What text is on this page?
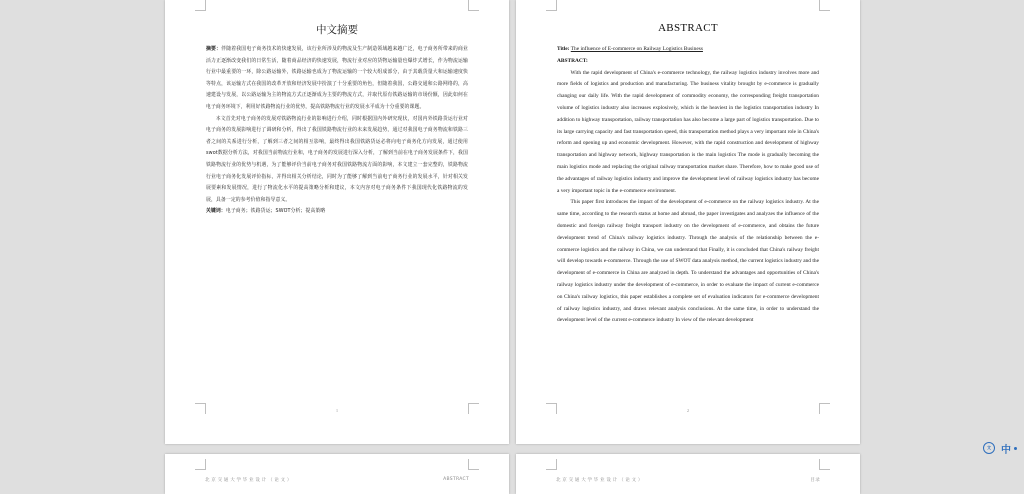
中文摘要

摘要：伴随着我国电子商务技术的快速发展，该行业所涉及的物流及生产制造领域越来越广泛，电子商务所带来的商业活力正逐渐改变我们的日常生活，随着商品经济的快速发展，物流行业对应的货物运输量也爆炸式增长，作为物流运输行业中最重要的一环，除公路运输外，铁路运输也成为了物流运输的一个较大组成部分，由于其载货量大和运输速度快等特点，该运输方式在我国的改革开放和经济发展中扮演了十分重要的角色，但随着我国，公路交通和公路网络的，高速建设与发展，以公路运输为主的物流方式正逐渐成为主要的物流方式，并取代原有铁路运输的市场份额，因此如何在电子商务环境下，利用好铁路物流行业的优势，提高铁路物流行业的发展水平成为十分重要的课题。

本文首先对电子商务的发展对铁路物流行业的影响进行介绍，同时根据国内外研究现状，对国内外铁路货运行业对电子商务的发展影响进行了调研和分析，得出了我国铁路物流行业的未来发展趋势，通过对我国电子商务物流和铁路三者之间的关系进行分析，了解到三者之间的相互影响，最终得出我国铁路货运必将向电子商务化方向发展，通过使用swot数据分析方法，对我国当前物流行业和，电子商务的发展进行深入分析，了解到当前在电子商务发展条件下，我国铁路物流行业的优势与机遇，为了能够评价当前电子商务对我国铁路物流方面的影响，本文建立一套完整的，铁路物流行业电子商务化发展评价指标，并得出相关分析结论，同时为了能够了解到当前电子商务行业的发展水平，针对相关发展要素和发展情况，进行了物流化水平的提高策略分析和建议，本文内容对电子商务条件下我国现代化铁路物流的发展，具备一定的参考价值和指导意义。

关键词：电子商务；铁路货运；SWOT分析；提高策略

1
ABSTRACT

Title: The influence of E-commerce on Railway Logistics Business

ABSTRACT:

With the rapid development of China's e-commerce technology, the railway logistics industry involves more and more fields of logistics and production and manufacturing. The business vitality brought by e-commerce is gradually changing our daily life. With the rapid development of commodity economy, the corresponding freight transportation volume of logistics industry also increases explosively, which is the heaviest in the logistics transportation industry In addition to highway transportation, railway transportation has also become a large part of logistics transportation. Due to its large carrying capacity and fast transportation speed, this transportation method plays a very important role in China's reform and opening up and economic development. However, with the rapid construction and development of highway transportation and highway network, highway transportation is the main logistics The mode is gradually becoming the main logistics mode and replacing the original railway transportation market share. Therefore, how to make good use of the advantages of railway logistics industry and improve the development level of railway logistics industry has become a very important topic in the e-commerce environment.

This paper first introduces the impact of the development of e-commerce on the railway logistics industry. At the same time, according to the research status at home and abroad, the paper investigates and analyzes the influence of the domestic and foreign railway freight transport industry on the development of e-commerce, and obtains the future development trend of China's railway logistics industry. Through the analysis of the relationship between the e-commerce logistics and the railway in China, we can understand that Finally, it is concluded that China's railway freight will develop towards e-commerce. Through the use of SWOT data analysis method, the current logistics industry and the development of e-commerce in China are analyzed in depth. To understand the advantages and opportunities of China's railway logistics industry under the development of e-commerce, in order to evaluate the impact of current e-commerce on China's railway logistics, this paper establishes a complete set of evaluation indicators for e-commerce development of railway logistics industry, and draws relevant analysis conclusions. At the same time, in order to understand the development level of the current e-commerce industry In view of the relevant development

2
北京交通大学毕业设计（论文）	ABSTRACT	北京交通大学毕业设计（论文）	目录
文	中
